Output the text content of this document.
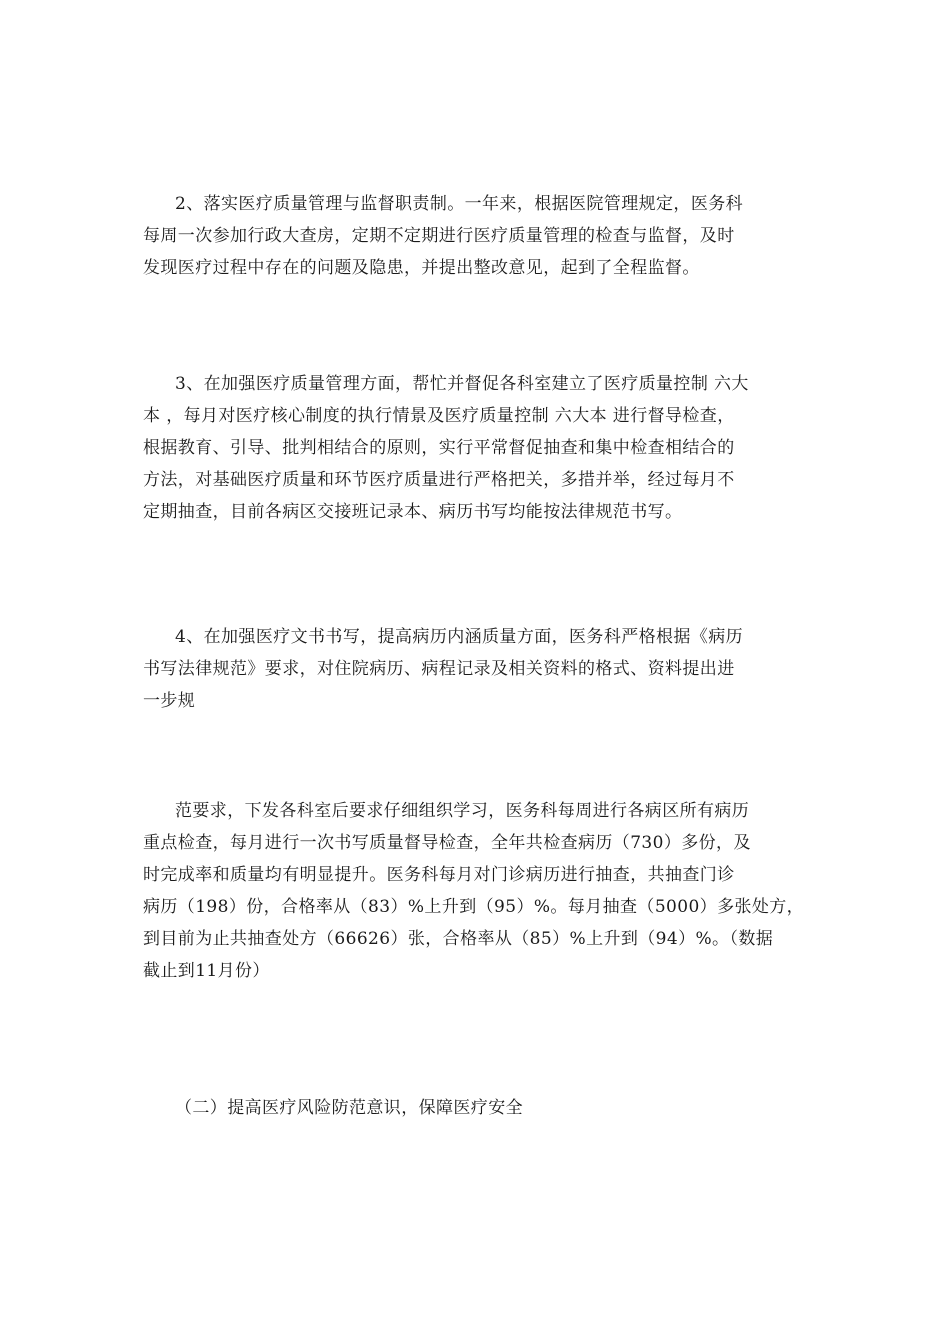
2、落实医疗质量管理与监督职责制。一年来，根据医院管理规定，医务科
每周一次参加行政大查房，定期不定期进行医疗质量管理的检查与监督，及时
发现医疗过程中存在的问题及隐患，并提出整改意见，起到了全程监督。
3、在加强医疗质量管理方面，帮忙并督促各科室建立了医疗质量控制 六大
本 ，每月对医疗核心制度的执行情景及医疗质量控制 六大本 进行督导检查，
根据教育、引导、批判相结合的原则，实行平常督促抽查和集中检查相结合的
方法，对基础医疗质量和环节医疗质量进行严格把关，多措并举，经过每月不
定期抽查，目前各病区交接班记录本、病历书写均能按法律规范书写。
4、在加强医疗文书书写，提高病历内涵质量方面，医务科严格根据《病历
书写法律规范》要求，对住院病历、病程记录及相关资料的格式、资料提出进
一步规
范要求，下发各科室后要求仔细组织学习，医务科每周进行各病区所有病历
重点检查，每月进行一次书写质量督导检查，全年共检查病历（730）多份，及
时完成率和质量均有明显提升。医务科每月对门诊病历进行抽查，共抽查门诊
病历（198）份，合格率从（83）%上升到（95）%。每月抽查（5000）多张处方，
到目前为止共抽查处方（66626）张，合格率从（85）%上升到（94）%。（数据
截止到11月份）
（二）提高医疗风险防范意识，保障医疗安全
